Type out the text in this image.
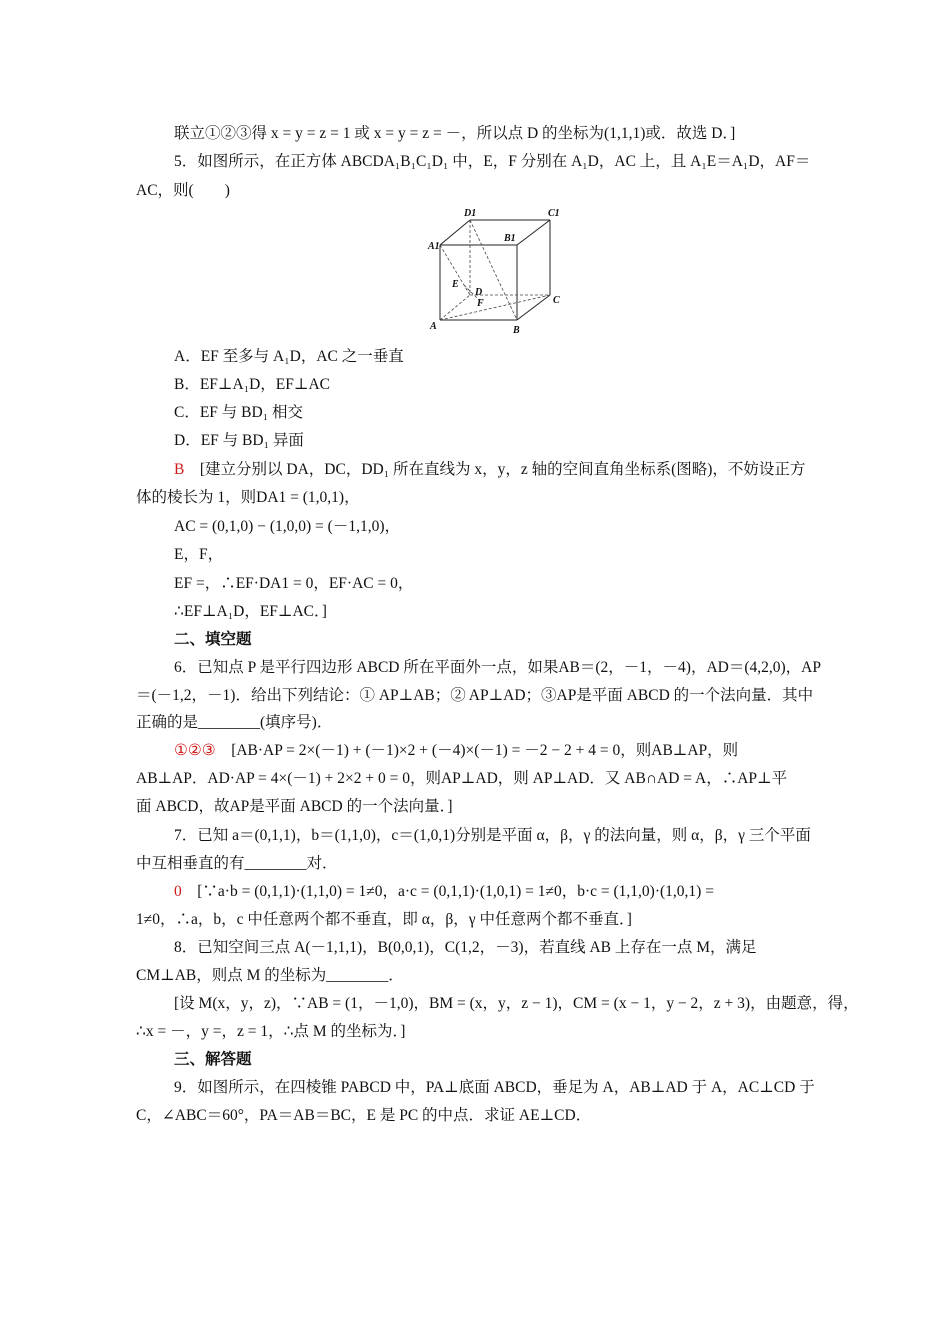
联立①②③得 x = y = z = 1 或 x = y = z = －，所以点 D 的坐标为(1,1,1)或．故选 D．]
5．如图所示，在正方体 ABCDA₁B₁C₁D₁ 中，E，F 分别在 A₁D，AC 上，且 A₁E＝A₁D，AF＝
AC，则(　　)
A．EF 至多与 A₁D，AC 之一垂直
B．EF⊥A₁D，EF⊥AC
C．EF 与 BD₁ 相交
D．EF 与 BD₁ 异面
B　 [建立分别以 DA，DC，DD₁ 所在直线为 x，y，z 轴的空间直角坐标系(图略)，不妨设正方
体的棱长为 1，则DA1 = (1,0,1)，
AC = (0,1,0) − (1,0,0) = (－1,1,0)，
E，F，
EF =，∴EF·DA1 = 0，EF·AC = 0，
∴EF⊥A₁D，EF⊥AC．]
二、填空题
6．已知点 P 是平行四边形 ABCD 所在平面外一点，如果AB＝(2，－1，－4)，AD＝(4,2,0)，AP
＝(－1,2，－1)．给出下列结论：① AP⊥AB；② AP⊥AD；③AP是平面 ABCD 的一个法向量．其中
正确的是________(填序号)．
①②③　 [AB·AP = 2×(－1) + (－1)×2 + (－4)×(－1) = －2 − 2 + 4 = 0，则AB⊥AP，则
AB⊥AP．AD·AP = 4×(－1) + 2×2 + 0 = 0，则AP⊥AD，则 AP⊥AD．又 AB∩AD = A，∴AP⊥平
面 ABCD，故AP是平面 ABCD 的一个法向量．]
7．已知 a＝(0,1,1)，b＝(1,1,0)，c＝(1,0,1)分别是平面 α，β，γ 的法向量，则 α，β，γ 三个平面
中互相垂直的有________对．
0　 [∵a·b = (0,1,1)·(1,1,0) = 1≠0，a·c = (0,1,1)·(1,0,1) = 1≠0，b·c = (1,1,0)·(1,0,1) =
1≠0，∴a，b，c 中任意两个都不垂直，即 α，β，γ 中任意两个都不垂直．]
8．已知空间三点 A(－1,1,1)，B(0,0,1)，C(1,2，－3)，若直线 AB 上存在一点 M，满足
CM⊥AB，则点 M 的坐标为________．
[设 M(x，y，z)，∵AB = (1，－1,0)，BM = (x，y，z − 1)，CM = (x − 1，y − 2，z + 3)，由题意，得，
∴x = －，y =，z = 1，∴点 M 的坐标为．]
三、解答题
9．如图所示，在四棱锥 PABCD 中，PA⊥底面 ABCD，垂足为 A，AB⊥AD 于 A，AC⊥CD 于
C，∠ABC＝60°，PA＝AB＝BC，E 是 PC 的中点．求证 AE⊥CD．
D1	C1
A1
B1
E
D
F	C
A	B
